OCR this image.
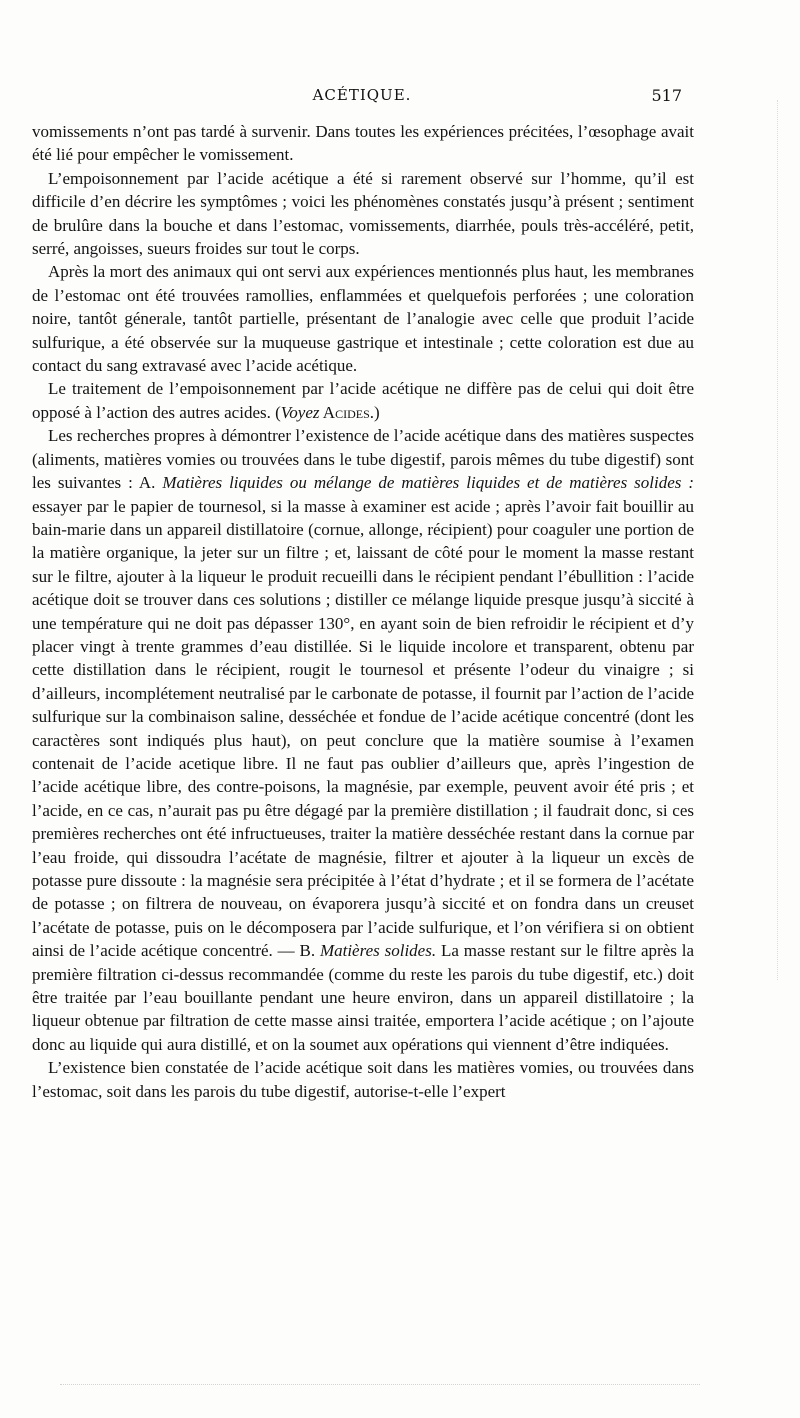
ACÉTIQUE.	517

vomissements n’ont pas tardé à survenir. Dans toutes les expériences précitées, l’œsophage avait été lié pour empêcher le vomissement.

L’empoisonnement par l’acide acétique a été si rarement observé sur l’homme, qu’il est difficile d’en décrire les symptômes ; voici les phénomènes constatés jusqu’à présent ; sentiment de brulûre dans la bouche et dans l’estomac, vomissements, diarrhée, pouls très-accéléré, petit, serré, angoisses, sueurs froides sur tout le corps.

Après la mort des animaux qui ont servi aux expériences mentionnés plus haut, les membranes de l’estomac ont été trouvées ramollies, enflammées et quelquefois perforées ; une coloration noire, tantôt génerale, tantôt partielle, présentant de l’analogie avec celle que produit l’acide sulfurique, a été observée sur la muqueuse gastrique et intestinale ; cette coloration est due au contact du sang extravasé avec l’acide acétique.

Le traitement de l’empoisonnement par l’acide acétique ne diffère pas de celui qui doit être opposé à l’action des autres acides. (Voyez Acides.)

Les recherches propres à démontrer l’existence de l’acide acétique dans des matières suspectes (aliments, matières vomies ou trouvées dans le tube digestif, parois mêmes du tube digestif) sont les suivantes : A. Matières liquides ou mélange de matières liquides et de matières solides : essayer par le papier de tournesol, si la masse à examiner est acide ; après l’avoir fait bouillir au bain-marie dans un appareil distillatoire (cornue, allonge, récipient) pour coaguler une portion de la matière organique, la jeter sur un filtre ; et, laissant de côté pour le moment la masse restant sur le filtre, ajouter à la liqueur le produit recueilli dans le récipient pendant l’ébullition : l’acide acétique doit se trouver dans ces solutions ; distiller ce mélange liquide presque jusqu’à siccité à une température qui ne doit pas dépasser 130°, en ayant soin de bien refroidir le récipient et d’y placer vingt à trente grammes d’eau distillée. Si le liquide incolore et transparent, obtenu par cette distillation dans le récipient, rougit le tournesol et présente l’odeur du vinaigre ; si d’ailleurs, incomplétement neutralisé par le carbonate de potasse, il fournit par l’action de l’acide sulfurique sur la combinaison saline, desséchée et fondue de l’acide acétique concentré (dont les caractères sont indiqués plus haut), on peut conclure que la matière soumise à l’examen contenait de l’acide acetique libre. Il ne faut pas oublier d’ailleurs que, après l’ingestion de l’acide acétique libre, des contre-poisons, la magnésie, par exemple, peuvent avoir été pris ; et l’acide, en ce cas, n’aurait pas pu être dégagé par la première distillation ; il faudrait donc, si ces premières recherches ont été infructueuses, traiter la matière desséchée restant dans la cornue par l’eau froide, qui dissoudra l’acétate de magnésie, filtrer et ajouter à la liqueur un excès de potasse pure dissoute : la magnésie sera précipitée à l’état d’hydrate ; et il se formera de l’acétate de potasse ; on filtrera de nouveau, on évaporera jusqu’à siccité et on fondra dans un creuset l’acétate de potasse, puis on le décomposera par l’acide sulfurique, et l’on vérifiera si on obtient ainsi de l’acide acétique concentré. — B. Matières solides. La masse restant sur le filtre après la première filtration ci-dessus recommandée (comme du reste les parois du tube digestif, etc.) doit être traitée par l’eau bouillante pendant une heure environ, dans un appareil distillatoire ; la liqueur obtenue par filtration de cette masse ainsi traitée, emportera l’acide acétique ; on l’ajoute donc au liquide qui aura distillé, et on la soumet aux opérations qui viennent d’être indiquées.

L’existence bien constatée de l’acide acétique soit dans les matières vomies, ou trouvées dans l’estomac, soit dans les parois du tube digestif, autorise-t-elle l’expert
